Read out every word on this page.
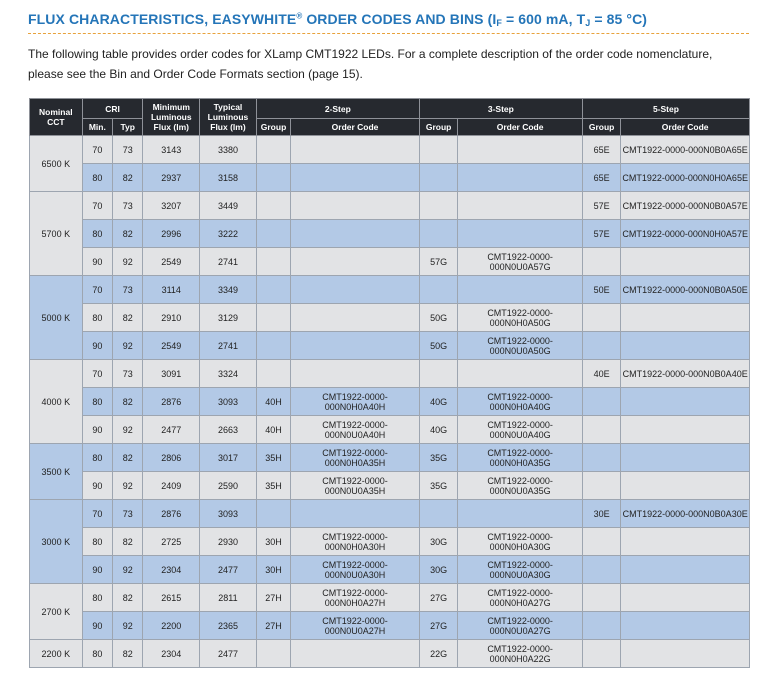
FLUX CHARACTERISTICS, EASYWHITE® ORDER CODES AND BINS ($I_F = 600$ mA, $T_J = 85$ °C)
The following table provides order codes for XLamp CMT1922 LEDs. For a complete description of the order code nomenclature, please see the Bin and Order Code Formats section (page 15).
Nominal CCT	CRI		Minimum Luminous Flux (lm)	Typical Luminous Flux (lm)	2-Step		3-Step		5-Step	
	Min.	Typ			Group	Order Code	Group	Order Code	Group	Order Code
6500 K	70	73	3143	3380					65E	CMT1922-0000-000N0B0A65E
	80	82	2937	3158					65E	CMT1922-0000-000N0H0A65E
5700 K	70	73	3207	3449					57E	CMT1922-0000-000N0B0A57E
	80	82	2996	3222					57E	CMT1922-0000-000N0H0A57E
	90	92	2549	2741			57G	CMT1922-0000-000N0U0A57G		
5000 K	70	73	3114	3349					50E	CMT1922-0000-000N0B0A50E
	80	82	2910	3129			50G	CMT1922-0000-000N0H0A50G		
	90	92	2549	2741			50G	CMT1922-0000-000N0U0A50G		
4000 K	70	73	3091	3324					40E	CMT1922-0000-000N0B0A40E
	80	82	2876	3093	40H	CMT1922-0000-000N0H0A40H	40G	CMT1922-0000-000N0H0A40G		
	90	92	2477	2663	40H	CMT1922-0000-000N0U0A40H	40G	CMT1922-0000-000N0U0A40G		
3500 K	80	82	2806	3017	35H	CMT1922-0000-000N0H0A35H	35G	CMT1922-0000-000N0H0A35G		
	90	92	2409	2590	35H	CMT1922-0000-000N0U0A35H	35G	CMT1922-0000-000N0U0A35G		
3000 K	70	73	2876	3093					30E	CMT1922-0000-000N0B0A30E
	80	82	2725	2930	30H	CMT1922-0000-000N0H0A30H	30G	CMT1922-0000-000N0H0A30G		
	90	92	2304	2477	30H	CMT1922-0000-000N0U0A30H	30G	CMT1922-0000-000N0U0A30G		
2700 K	80	82	2615	2811	27H	CMT1922-0000-000N0H0A27H	27G	CMT1922-0000-000N0H0A27G		
	90	92	2200	2365	27H	CMT1922-0000-000N0U0A27H	27G	CMT1922-0000-000N0U0A27G		
2200 K	80	82	2304	2477			22G	CMT1922-0000-000N0H0A22G		
